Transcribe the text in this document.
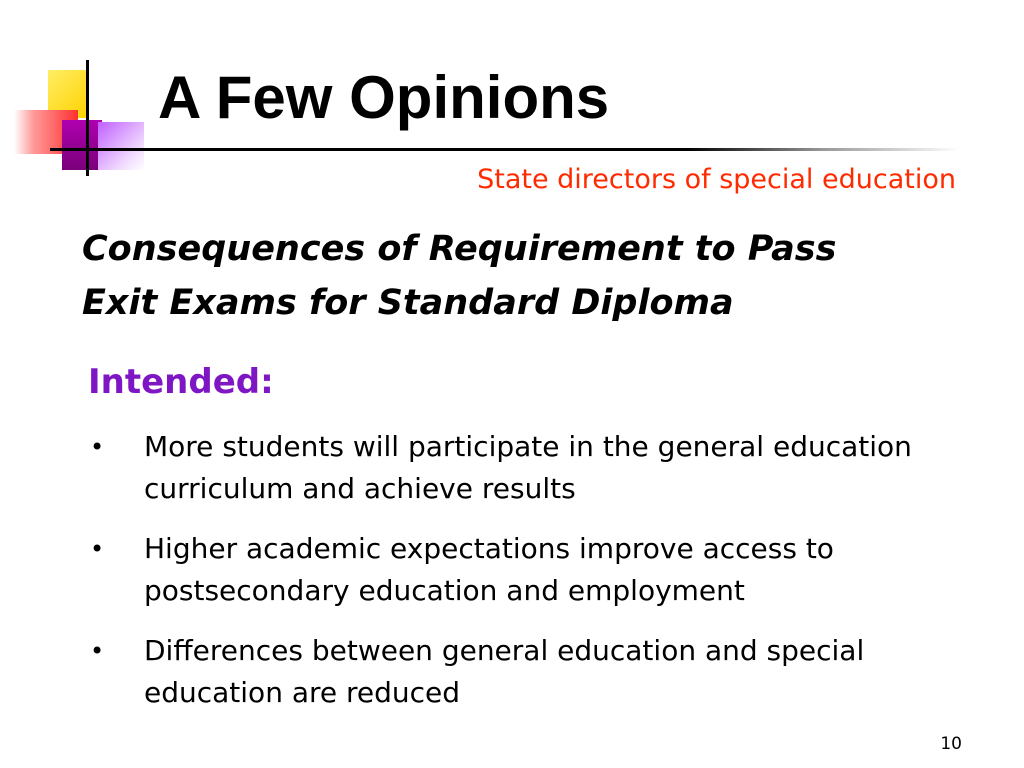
A Few Opinions

State directors of special education

Consequences of Requirement to Pass
Exit Exams for Standard Diploma

Intended:

• More students will participate in the general education curriculum and achieve results
• Higher academic expectations improve access to postsecondary education and employment
• Differences between general education and special education are reduced
10
